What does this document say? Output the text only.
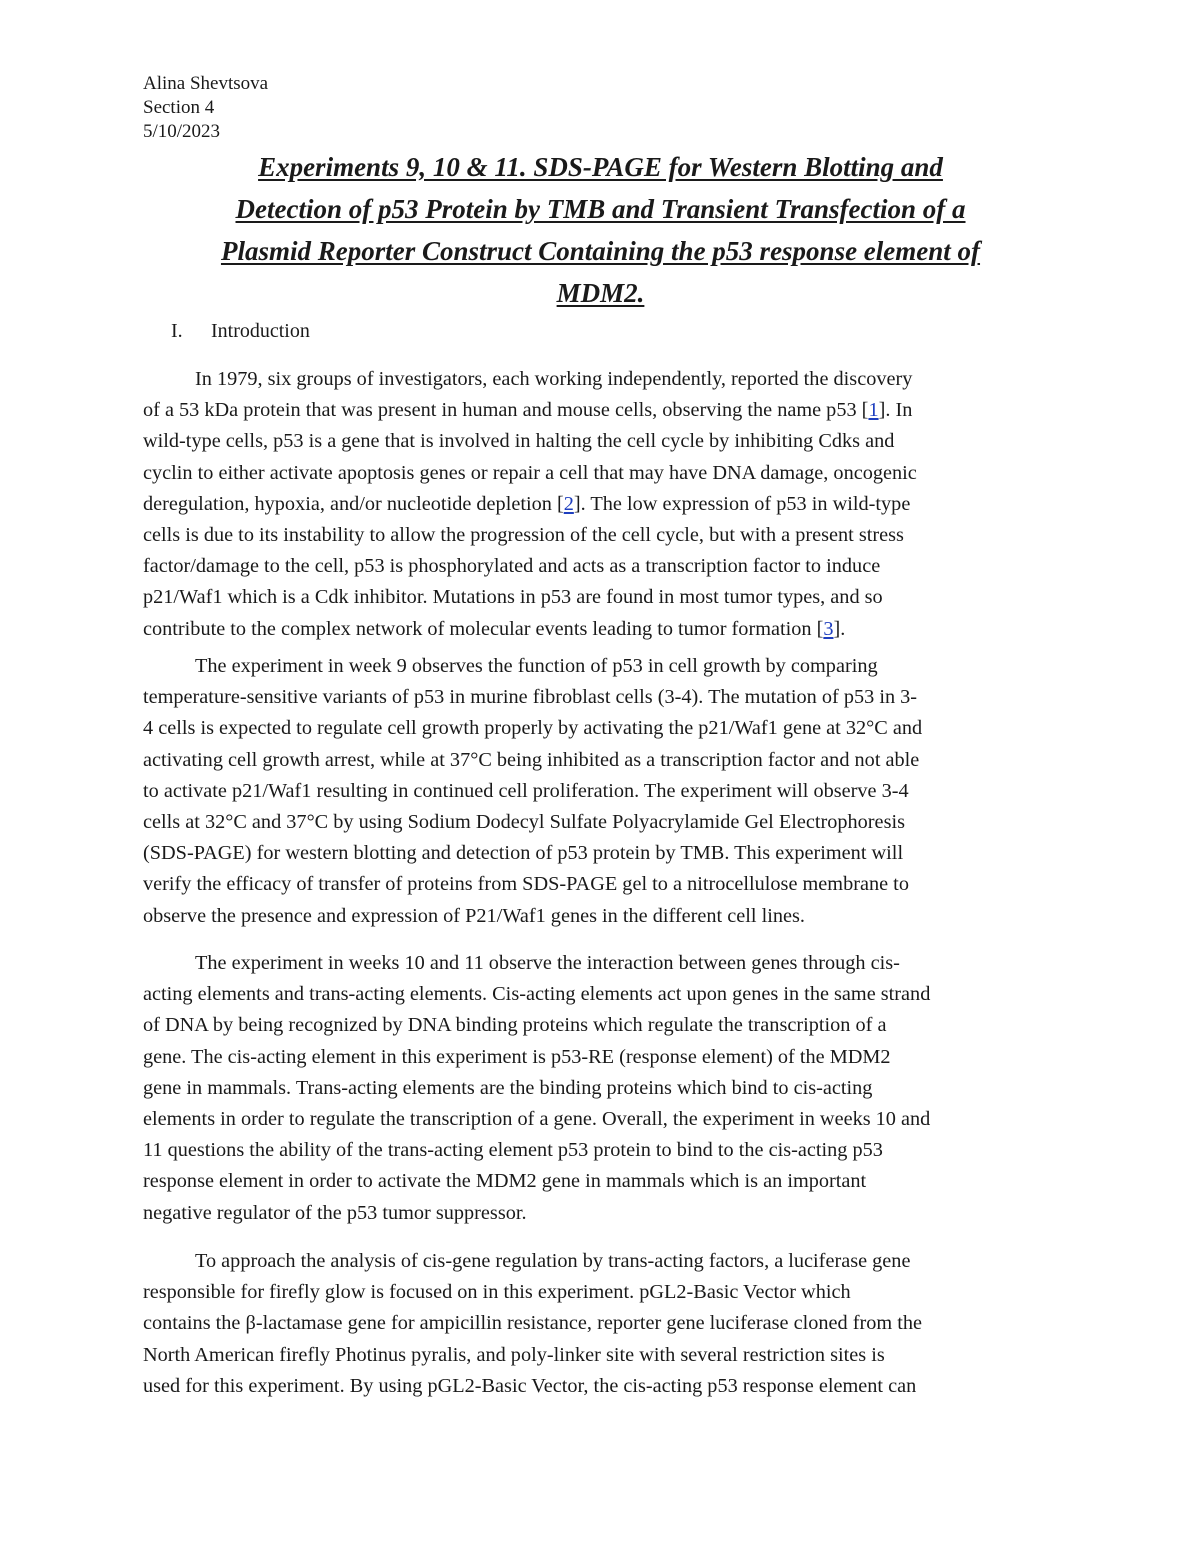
Alina Shevtsova
Section 4
5/10/2023
Experiments 9, 10 & 11. SDS-PAGE for Western Blotting and
Detection of p53 Protein by TMB and Transient Transfection of a
Plasmid Reporter Construct Containing the p53 response element of
MDM2.
I. Introduction
In 1979, six groups of investigators, each working independently, reported the discovery
of a 53 kDa protein that was present in human and mouse cells, observing the name p53 [1]. In
wild-type cells, p53 is a gene that is involved in halting the cell cycle by inhibiting Cdks and
cyclin to either activate apoptosis genes or repair a cell that may have DNA damage, oncogenic
deregulation, hypoxia, and/or nucleotide depletion [2]. The low expression of p53 in wild-type
cells is due to its instability to allow the progression of the cell cycle, but with a present stress
factor/damage to the cell, p53 is phosphorylated and acts as a transcription factor to induce
p21/Waf1 which is a Cdk inhibitor. Mutations in p53 are found in most tumor types, and so
contribute to the complex network of molecular events leading to tumor formation [3].
The experiment in week 9 observes the function of p53 in cell growth by comparing
temperature-sensitive variants of p53 in murine fibroblast cells (3-4). The mutation of p53 in 3-
4 cells is expected to regulate cell growth properly by activating the p21/Waf1 gene at 32°C and
activating cell growth arrest, while at 37°C being inhibited as a transcription factor and not able
to activate p21/Waf1 resulting in continued cell proliferation. The experiment will observe 3-4
cells at 32°C and 37°C by using Sodium Dodecyl Sulfate Polyacrylamide Gel Electrophoresis
(SDS-PAGE) for western blotting and detection of p53 protein by TMB. This experiment will
verify the efficacy of transfer of proteins from SDS-PAGE gel to a nitrocellulose membrane to
observe the presence and expression of P21/Waf1 genes in the different cell lines.
The experiment in weeks 10 and 11 observe the interaction between genes through cis-
acting elements and trans-acting elements. Cis-acting elements act upon genes in the same strand
of DNA by being recognized by DNA binding proteins which regulate the transcription of a
gene. The cis-acting element in this experiment is p53-RE (response element) of the MDM2
gene in mammals. Trans-acting elements are the binding proteins which bind to cis-acting
elements in order to regulate the transcription of a gene. Overall, the experiment in weeks 10 and
11 questions the ability of the trans-acting element p53 protein to bind to the cis-acting p53
response element in order to activate the MDM2 gene in mammals which is an important
negative regulator of the p53 tumor suppressor.
To approach the analysis of cis-gene regulation by trans-acting factors, a luciferase gene
responsible for firefly glow is focused on in this experiment. pGL2-Basic Vector which
contains the β-lactamase gene for ampicillin resistance, reporter gene luciferase cloned from the
North American firefly Photinus pyralis, and poly-linker site with several restriction sites is
used for this experiment. By using pGL2-Basic Vector, the cis-acting p53 response element can
